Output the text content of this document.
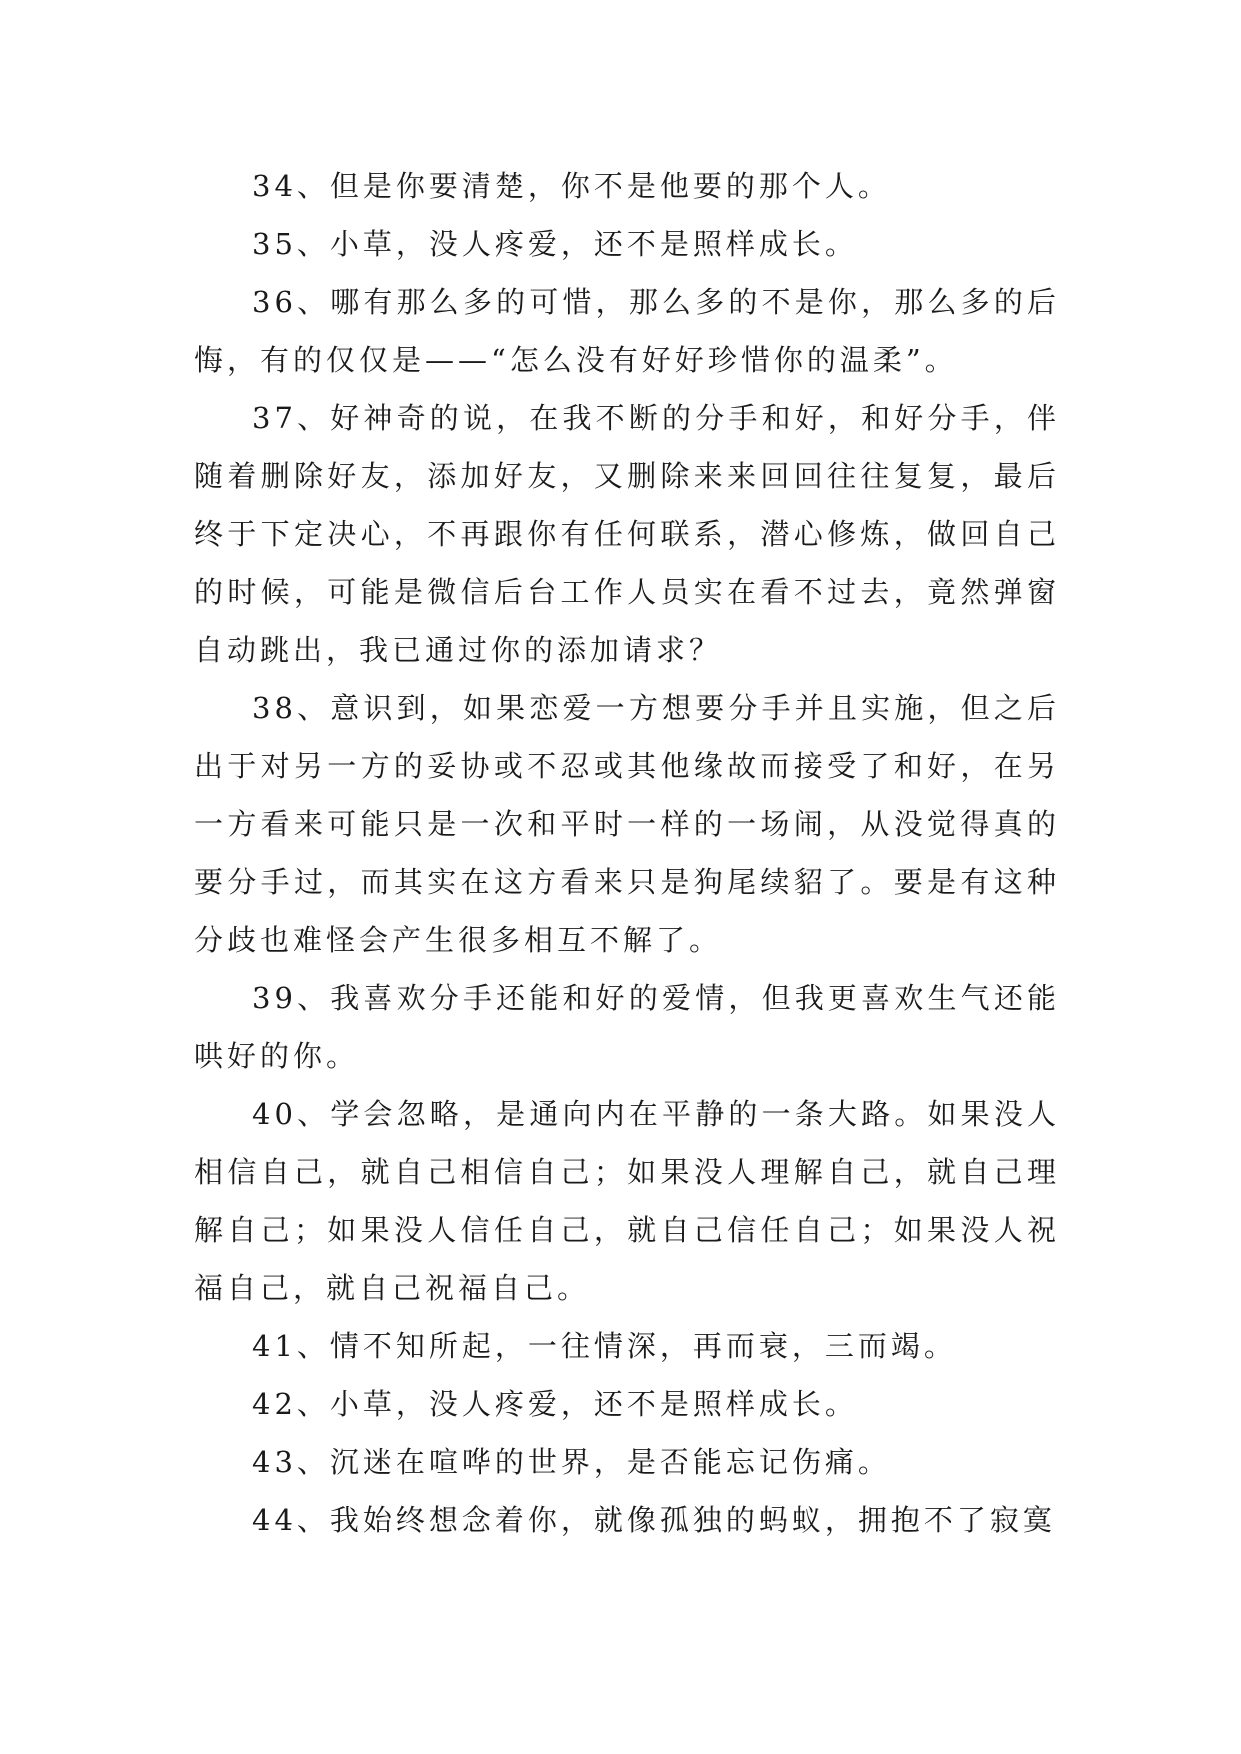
34、但是你要清楚，你不是他要的那个人。

35、小草，没人疼爱，还不是照样成长。

36、哪有那么多的可惜，那么多的不是你，那么多的后悔，有的仅仅是——“怎么没有好好珍惜你的温柔”。

37、好神奇的说，在我不断的分手和好，和好分手，伴随着删除好友，添加好友，又删除来来回回往往复复，最后终于下定决心，不再跟你有任何联系，潜心修炼，做回自己的时候，可能是微信后台工作人员实在看不过去，竟然弹窗自动跳出，我已通过你的添加请求？

38、意识到，如果恋爱一方想要分手并且实施，但之后出于对另一方的妥协或不忍或其他缘故而接受了和好，在另一方看来可能只是一次和平时一样的一场闹，从没觉得真的要分手过，而其实在这方看来只是狗尾续貂了。要是有这种分歧也难怪会产生很多相互不解了。

39、我喜欢分手还能和好的爱情，但我更喜欢生气还能哄好的你。

40、学会忽略，是通向内在平静的一条大路。如果没人相信自己，就自己相信自己；如果没人理解自己，就自己理解自己；如果没人信任自己，就自己信任自己；如果没人祝福自己，就自己祝福自己。

41、情不知所起，一往情深，再而衰，三而竭。

42、小草，没人疼爱，还不是照样成长。

43、沉迷在喧哗的世界，是否能忘记伤痛。

44、我始终想念着你，就像孤独的蚂蚁，拥抱不了寂寞
